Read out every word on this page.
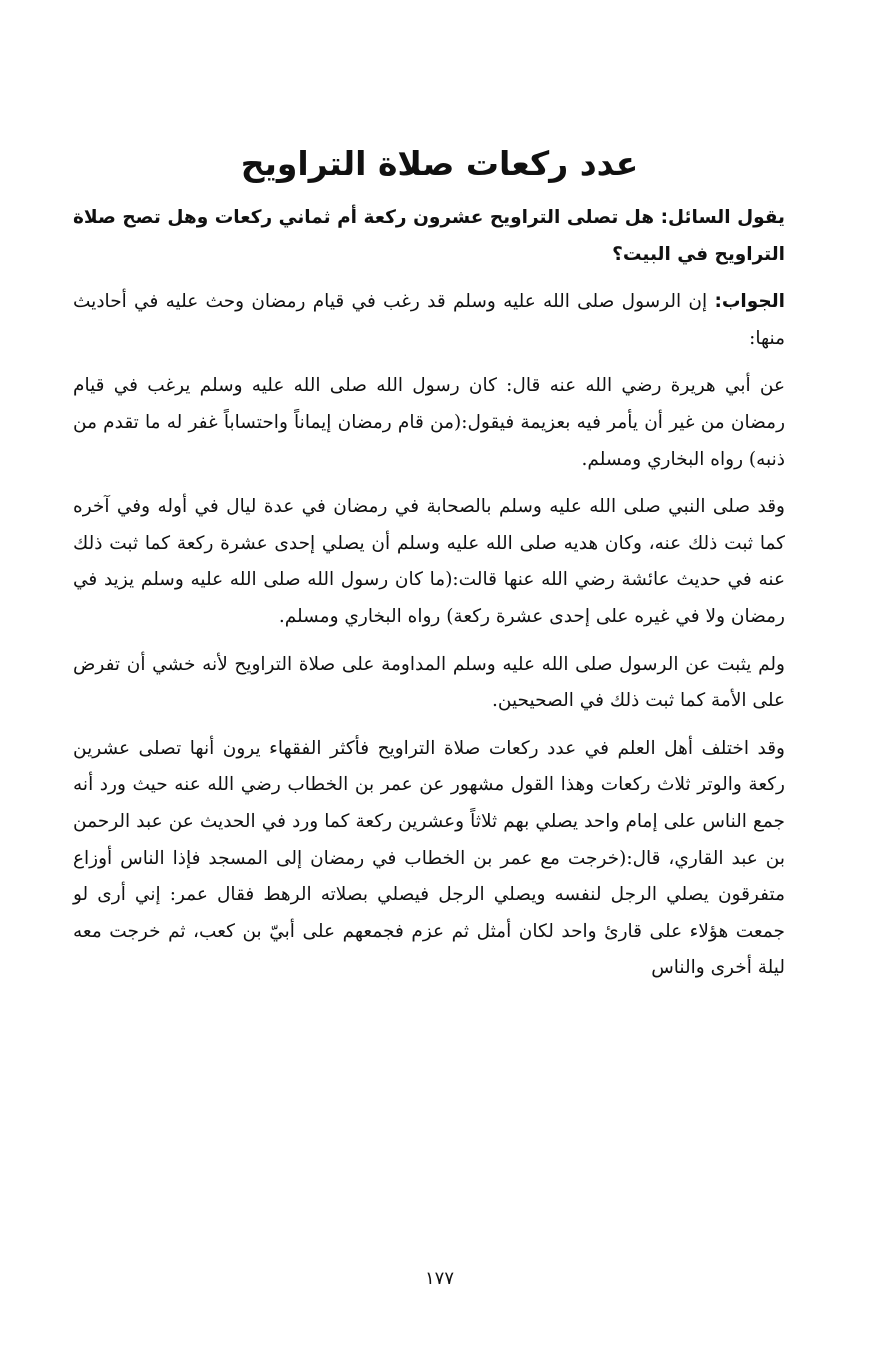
عدد ركعات صلاة التراويح

يقول السائل: هل تصلى التراويح عشرون ركعة أم ثماني ركعات وهل تصح صلاة التراويح في البيت؟

الجواب: إن الرسول صلى الله عليه وسلم قد رغب في قيام رمضان وحث عليه في أحاديث منها:

عن أبي هريرة رضي الله عنه قال: كان رسول الله صلى الله عليه وسلم يرغب في قيام رمضان من غير أن يأمر فيه بعزيمة فيقول:(من قام رمضان إيماناً واحتساباً غفر له ما تقدم من ذنبه) رواه البخاري ومسلم.

وقد صلى النبي صلى الله عليه وسلم بالصحابة في رمضان في عدة ليال في أوله وفي آخره كما ثبت ذلك عنه، وكان هديه صلى الله عليه وسلم أن يصلي إحدى عشرة ركعة كما ثبت ذلك عنه في حديث عائشة رضي الله عنها قالت:(ما كان رسول الله صلى الله عليه وسلم يزيد في رمضان ولا في غيره على إحدى عشرة ركعة) رواه البخاري ومسلم.

ولم يثبت عن الرسول صلى الله عليه وسلم المداومة على صلاة التراويح لأنه خشي أن تفرض على الأمة كما ثبت ذلك في الصحيحين.

وقد اختلف أهل العلم في عدد ركعات صلاة التراويح فأكثر الفقهاء يرون أنها تصلى عشرين ركعة والوتر ثلاث ركعات وهذا القول مشهور عن عمر بن الخطاب رضي الله عنه حيث ورد أنه جمع الناس على إمام واحد يصلي بهم ثلاثاً وعشرين ركعة كما ورد في الحديث عن عبد الرحمن بن عبد القاري، قال:(خرجت مع عمر بن الخطاب في رمضان إلى المسجد فإذا الناس أوزاع متفرقون يصلي الرجل لنفسه ويصلي الرجل فيصلي بصلاته الرهط فقال عمر: إني أرى لو جمعت هؤلاء على قارئ واحد لكان أمثل ثم عزم فجمعهم على أبيّ بن كعب، ثم خرجت معه ليلة أخرى والناس

١٧٧
